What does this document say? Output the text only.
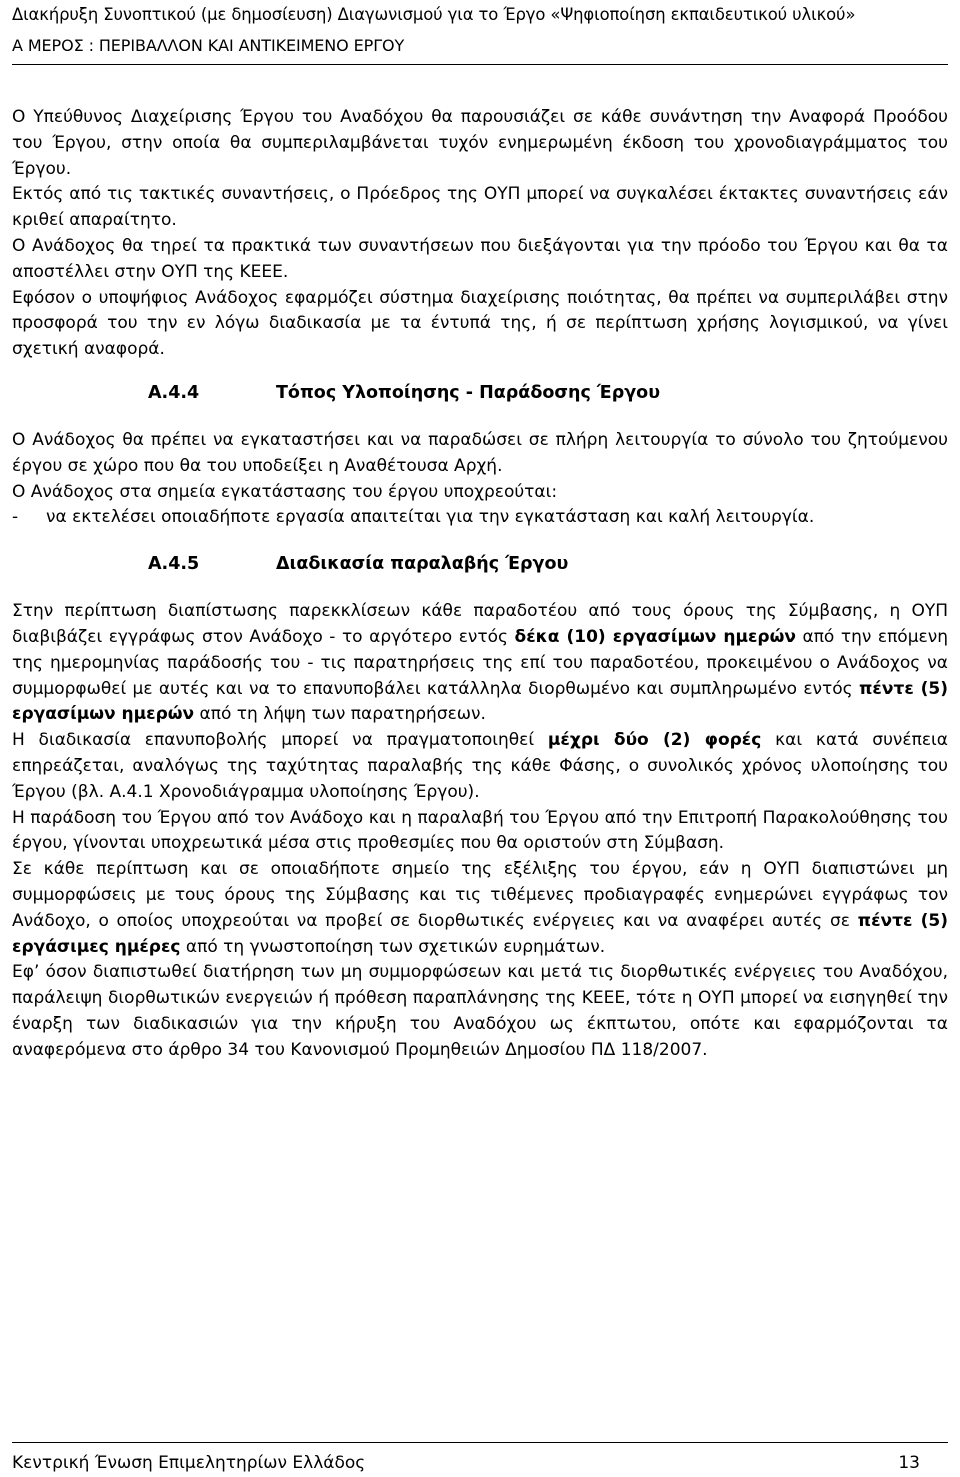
Διακήρυξη Συνοπτικού (με δημοσίευση) Διαγωνισμού για το Έργο «Ψηφιοποίηση εκπαιδευτικού υλικού»
Α ΜΕΡΟΣ : ΠΕΡΙΒΑΛΛΟΝ ΚΑΙ ΑΝΤΙΚΕΙΜΕΝΟ ΕΡΓΟΥ

Ο Υπεύθυνος Διαχείρισης Έργου του Αναδόχου θα παρουσιάζει σε κάθε συνάντηση την Αναφορά Προόδου του Έργου, στην οποία θα συμπεριλαμβάνεται τυχόν ενημερωμένη έκδοση του χρονοδιαγράμματος του Έργου.

Εκτός από τις τακτικές συναντήσεις, ο Πρόεδρος της ΟΥΠ μπορεί να συγκαλέσει έκτακτες συναντήσεις εάν κριθεί απαραίτητο.

Ο Ανάδοχος θα τηρεί τα πρακτικά των συναντήσεων που διεξάγονται για την πρόοδο του Έργου και θα τα αποστέλλει στην ΟΥΠ της ΚΕΕΕ.

Εφόσον ο υποψήφιος Ανάδοχος εφαρμόζει σύστημα διαχείρισης ποιότητας, θα πρέπει να συμπεριλάβει στην προσφορά του την εν λόγω διαδικασία με τα έντυπά της, ή σε περίπτωση χρήσης λογισμικού, να γίνει σχετική αναφορά.

Α.4.4	Τόπος Υλοποίησης - Παράδοσης Έργου

Ο Ανάδοχος θα πρέπει να εγκαταστήσει και να παραδώσει σε πλήρη λειτουργία το σύνολο του ζητούμενου έργου σε χώρο που θα του υποδείξει η Αναθέτουσα Αρχή.

Ο Ανάδοχος στα σημεία εγκατάστασης του έργου υποχρεούται:

-	να εκτελέσει οποιαδήποτε εργασία απαιτείται για την εγκατάσταση και καλή λειτουργία.
Α.4.5	Διαδικασία παραλαβής Έργου

Στην περίπτωση διαπίστωσης παρεκκλίσεων κάθε παραδοτέου από τους όρους της Σύμβασης, η ΟΥΠ διαβιβάζει εγγράφως στον Ανάδοχο - το αργότερο εντός δέκα (10) εργασίμων ημερών από την επόμενη της ημερομηνίας παράδοσής του - τις παρατηρήσεις της επί του παραδοτέου, προκειμένου ο Ανάδοχος να συμμορφωθεί με αυτές και να το επανυποβάλει κατάλληλα διορθωμένο και συμπληρωμένο εντός πέντε (5) εργασίμων ημερών από τη λήψη των παρατηρήσεων.

Η διαδικασία επανυποβολής μπορεί να πραγματοποιηθεί μέχρι δύο (2) φορές και κατά συνέπεια επηρεάζεται, αναλόγως της ταχύτητας παραλαβής της κάθε Φάσης, ο συνολικός χρόνος υλοποίησης του Έργου (βλ. Α.4.1 Χρονοδιάγραμμα υλοποίησης Έργου).

Η παράδοση του Έργου από τον Ανάδοχο και η παραλαβή του Έργου από την Επιτροπή Παρακολούθησης του έργου, γίνονται υποχρεωτικά μέσα στις προθεσμίες που θα οριστούν στη Σύμβαση.

Σε κάθε περίπτωση και σε οποιαδήποτε σημείο της εξέλιξης του έργου, εάν η ΟΥΠ διαπιστώνει μη συμμορφώσεις με τους όρους της Σύμβασης και τις τιθέμενες προδιαγραφές ενημερώνει εγγράφως τον Ανάδοχο, ο οποίος υποχρεούται να προβεί σε διορθωτικές ενέργειες και να αναφέρει αυτές σε πέντε (5) εργάσιμες ημέρες από τη γνωστοποίηση των σχετικών ευρημάτων.

Εφ’ όσον διαπιστωθεί διατήρηση των μη συμμορφώσεων και μετά τις διορθωτικές ενέργειες του Αναδόχου, παράλειψη διορθωτικών ενεργειών ή πρόθεση παραπλάνησης της ΚΕΕΕ, τότε η ΟΥΠ μπορεί να εισηγηθεί την έναρξη των διαδικασιών για την κήρυξη του Αναδόχου ως έκπτωτου, οπότε και εφαρμόζονται τα αναφερόμενα στο άρθρο 34 του Κανονισμού Προμηθειών Δημοσίου ΠΔ 118/2007.

Κεντρική Ένωση Επιμελητηρίων Ελλάδος	13
